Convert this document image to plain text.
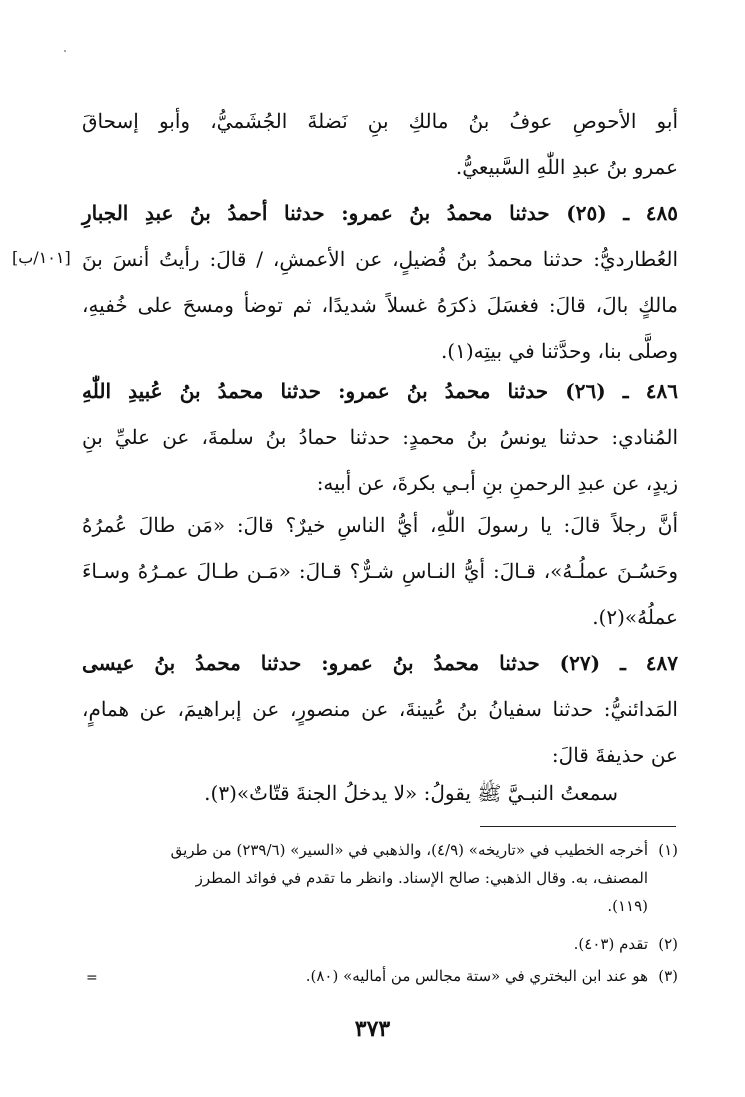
أبو الأحوصِ عوفُ بنُ مالكِ بنِ نَضلةَ الجُشَميُّ، وأبو إسحاقَ
عمرو بنُ عبدِ اللّٰهِ السَّبيعيُّ.
٤٨٥ ـ (٢٥) حدثنا محمدُ بنُ عمرو: حدثنا أحمدُ بنُ عبدِ الجبارِ
العُطارديُّ: حدثنا محمدُ بنُ فُضيلٍ، عن الأعمشِ، / قالَ: رأيتُ أنسَ بنَ
مالكٍ بالَ، قالَ: فغسَلَ ذكرَهُ غسلاً شديدًا، ثم توضأ ومسحَ على خُفيهِ،
وصلَّى بنا، وحدَّثنا في بيتِه(١).
[١٠١/ب]
٤٨٦ ـ (٢٦) حدثنا محمدُ بنُ عمرو: حدثنا محمدُ بنُ عُبيدِ اللّٰهِ
المُنادي: حدثنا يونسُ بنُ محمدٍ: حدثنا حمادُ بنُ سلمةَ، عن عليِّ بنِ
زيدٍ، عن عبدِ الرحمنِ بنِ أبـي بكرةَ، عن أبيه:
أنَّ رجلاً قالَ: يا رسولَ اللّٰهِ، أيُّ الناسِ خيرٌ؟ قالَ: «مَن طالَ عُمرُهُ
وحَسُـنَ عملُـهُ»، قـالَ: أيُّ النـاسِ شـرٌّ؟ قـالَ: «مَـن طـالَ عمـرُهُ وسـاءَ
عملُهُ»(٢).
٤٨٧ ـ (٢٧) حدثنا محمدُ بنُ عمرو: حدثنا محمدُ بنُ عيسى
المَدائنيُّ: حدثنا سفيانُ بنُ عُيينةَ، عن منصورٍ، عن إبراهيمَ، عن همامٍ،
عن حذيفةَ قالَ:
سمعتُ النبـيَّ ﷺ يقولُ: «لا يدخلُ الجنةَ قتّاتٌ»(٣).
(١)أخرجه الخطيب في «تاريخه» (٤/٩)، والذهبي في «السير» (٢٣٩/٦) من طريق
المصنف، به. وقال الذهبي: صالح الإسناد. وانظر ما تقدم في فوائد المطرز
(١١٩).
(٢)تقدم (٤٠٣).
(٣)هو عند ابن البختري في «ستة مجالس من أماليه» (٨٠).
=
٣٧٣
